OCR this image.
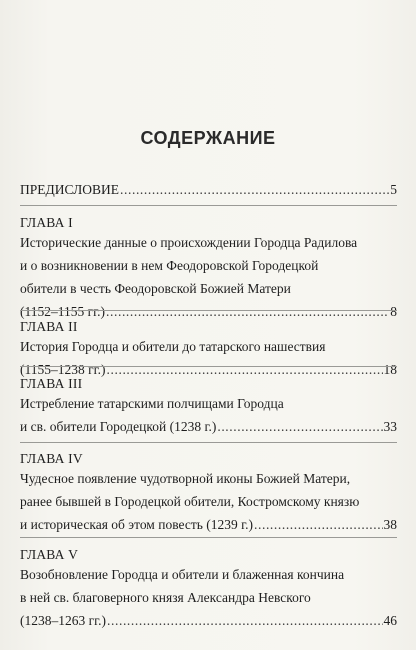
СОДЕРЖАНИЕ
ПРЕДИСЛОВИЕ .....	5
ГЛАВА I
Исторические данные о происхождении Городца Радилова
и о возникновении в нем Феодоровской Городецкой
обители в честь Феодоровской Божией Матери
(1152–1155 гг.) .....	8
ГЛАВА II
История Городца и обители до татарского нашествия
(1155–1238 гг.) .....	18
ГЛАВА III
Истребление татарскими полчищами Городца
и св. обители Городецкой (1238 г.) .....	33
ГЛАВА IV
Чудесное появление чудотворной иконы Божией Матери,
ранее бывшей в Городецкой обители, Костромскому князю
и историческая об этом повесть (1239 г.) .....	38
ГЛАВА V
Возобновление Городца и обители и блаженная кончина
в ней св. благоверного князя Александра Невского
(1238–1263 гг.) .....	46
